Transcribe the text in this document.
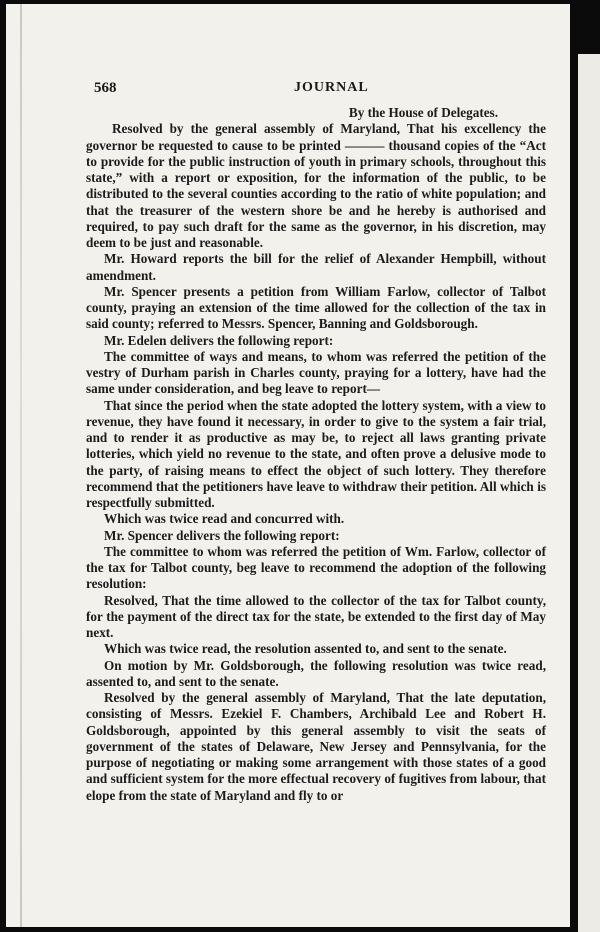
568	JOURNAL

By the House of Delegates.

Resolved by the general assembly of Maryland, That his excellency the governor be requested to cause to be printed ——— thousand copies of the “Act to provide for the public instruction of youth in primary schools, throughout this state,” with a report or exposition, for the information of the public, to be distributed to the several counties according to the ratio of white population; and that the treasurer of the western shore be and he hereby is authorised and required, to pay such draft for the same as the governor, in his discretion, may deem to be just and reasonable.

Mr. Howard reports the bill for the relief of Alexander Hempbill, without amendment.

Mr. Spencer presents a petition from William Farlow, collector of Talbot county, praying an extension of the time allowed for the collection of the tax in said county; referred to Messrs. Spencer, Banning and Goldsborough.

Mr. Edelen delivers the following report:

The committee of ways and means, to whom was referred the petition of the vestry of Durham parish in Charles county, praying for a lottery, have had the same under consideration, and beg leave to report—

That since the period when the state adopted the lottery system, with a view to revenue, they have found it necessary, in order to give to the system a fair trial, and to render it as productive as may be, to reject all laws granting private lotteries, which yield no revenue to the state, and often prove a delusive mode to the party, of raising means to effect the object of such lottery. They therefore recommend that the petitioners have leave to withdraw their petition. All which is respectfully submitted.

Which was twice read and concurred with.

Mr. Spencer delivers the following report:

The committee to whom was referred the petition of Wm. Farlow, collector of the tax for Talbot county, beg leave to recommend the adoption of the following resolution:

Resolved, That the time allowed to the collector of the tax for Talbot county, for the payment of the direct tax for the state, be extended to the first day of May next.

Which was twice read, the resolution assented to, and sent to the senate.

On motion by Mr. Goldsborough, the following resolution was twice read, assented to, and sent to the senate.

Resolved by the general assembly of Maryland, That the late deputation, consisting of Messrs. Ezekiel F. Chambers, Archibald Lee and Robert H. Goldsborough, appointed by this general assembly to visit the seats of government of the states of Delaware, New Jersey and Pennsylvania, for the purpose of negotiating or making some arrangement with those states of a good and sufficient system for the more effectual recovery of fugitives from labour, that elope from the state of Maryland and fly to or
